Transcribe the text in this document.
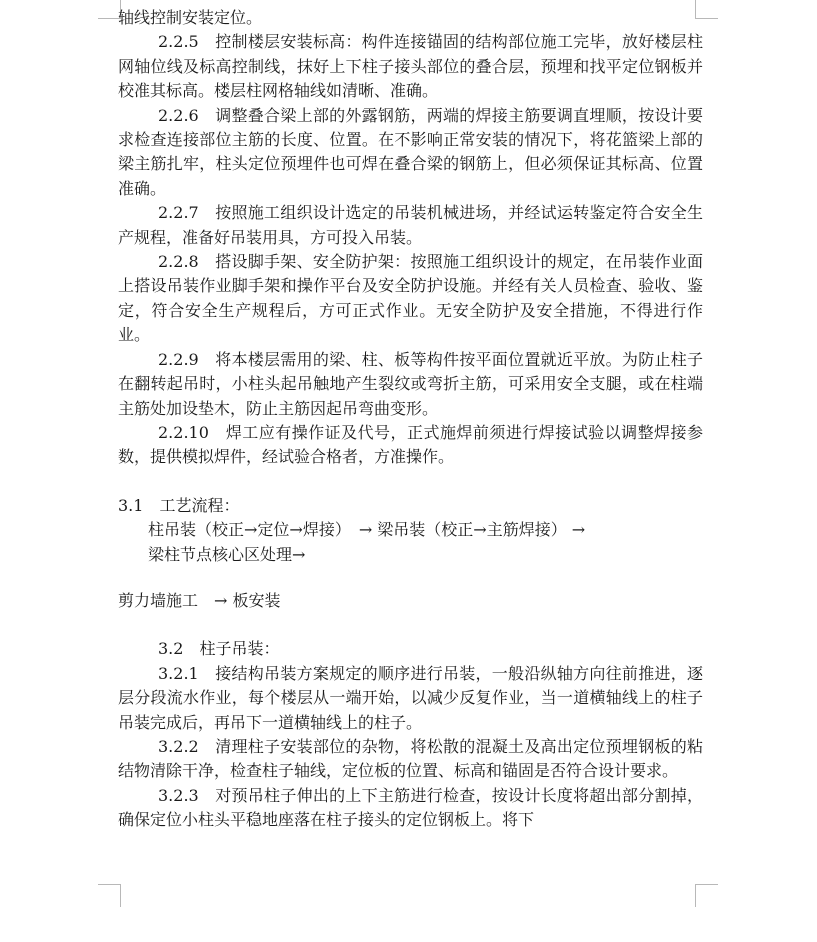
轴线控制安装定位。

2.2.5　控制楼层安装标高：构件连接锚固的结构部位施工完毕，放好楼层柱网轴位线及标高控制线，抹好上下柱子接头部位的叠合层，预埋和找平定位钢板并校准其标高。楼层柱网格轴线如清晰、准确。

2.2.6　调整叠合梁上部的外露钢筋，两端的焊接主筋要调直埋顺，按设计要求检查连接部位主筋的长度、位置。在不影响正常安装的情况下，将花篮梁上部的梁主筋扎牢，柱头定位预埋件也可焊在叠合梁的钢筋上，但必须保证其标高、位置准确。

2.2.7　按照施工组织设计选定的吊装机械进场，并经试运转鉴定符合安全生产规程，准备好吊装用具，方可投入吊装。

2.2.8　搭设脚手架、安全防护架：按照施工组织设计的规定，在吊装作业面上搭设吊装作业脚手架和操作平台及安全防护设施。并经有关人员检查、验收、鉴定，符合安全生产规程后，方可正式作业。无安全防护及安全措施，不得进行作业。

2.2.9　将本楼层需用的梁、柱、板等构件按平面位置就近平放。为防止柱子在翻转起吊时，小柱头起吊触地产生裂纹或弯折主筋，可采用安全支腿，或在柱端主筋处加设垫木，防止主筋因起吊弯曲变形。

2.2.10　焊工应有操作证及代号，正式施焊前须进行焊接试验以调整焊接参数，提供模拟焊件，经试验合格者，方准操作。

3.1　工艺流程：

柱吊装（校正→定位→焊接）　→ 梁吊装（校正→主筋焊接） →

梁柱节点核心区处理→

剪力墙施工　→ 板安装

3.2　柱子吊装：

3.2.1　接结构吊装方案规定的顺序进行吊装，一般沿纵轴方向往前推进，逐层分段流水作业，每个楼层从一端开始，以减少反复作业，当一道横轴线上的柱子吊装完成后，再吊下一道横轴线上的柱子。

3.2.2　清理柱子安装部位的杂物，将松散的混凝土及高出定位预埋钢板的粘结物清除干净，检查柱子轴线，定位板的位置、标高和锚固是否符合设计要求。

3.2.3　对预吊柱子伸出的上下主筋进行检查，按设计长度将超出部分割掉，确保定位小柱头平稳地座落在柱子接头的定位钢板上。将下
